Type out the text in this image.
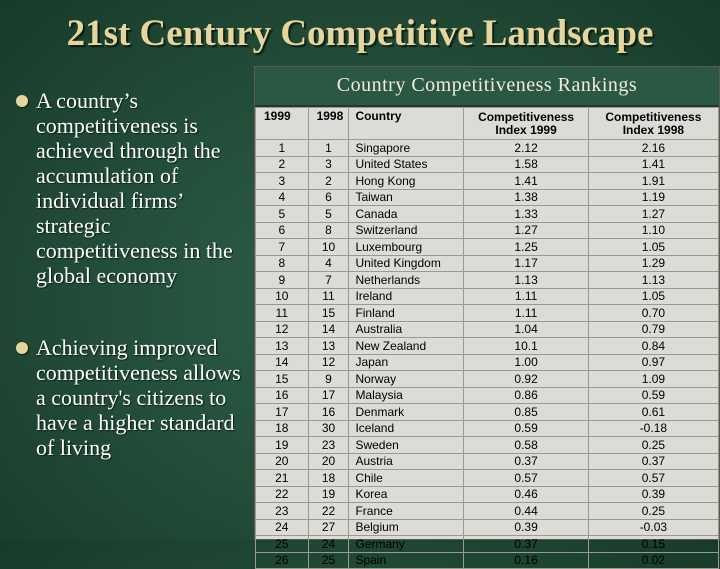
21st Century Competitive Landscape
A country’s competitiveness is achieved through the accumulation of individual firms’ strategic competitiveness in the global economy
Achieving improved competitiveness allows a country's citizens to have a higher standard of living
Country Competitiveness Rankings
1999	1998	Country	Competitiveness Index 1999	Competitiveness Index 1998
1	1	Singapore	2.12	2.16
2	3	United States	1.58	1.41
3	2	Hong Kong	1.41	1.91
4	6	Taiwan	1.38	1.19
5	5	Canada	1.33	1.27
6	8	Switzerland	1.27	1.10
7	10	Luxembourg	1.25	1.05
8	4	United Kingdom	1.17	1.29
9	7	Netherlands	1.13	1.13
10	11	Ireland	1.11	1.05
11	15	Finland	1.11	0.70
12	14	Australia	1.04	0.79
13	13	New Zealand	10.1	0.84
14	12	Japan	1.00	0.97
15	9	Norway	0.92	1.09
16	17	Malaysia	0.86	0.59
17	16	Denmark	0.85	0.61
18	30	Iceland	0.59	-0.18
19	23	Sweden	0.58	0.25
20	20	Austria	0.37	0.37
21	18	Chile	0.57	0.57
22	19	Korea	0.46	0.39
23	22	France	0.44	0.25
24	27	Belgium	0.39	-0.03
25	24	Germany	0.37	0.15
26	25	Spain	0.16	0.02
